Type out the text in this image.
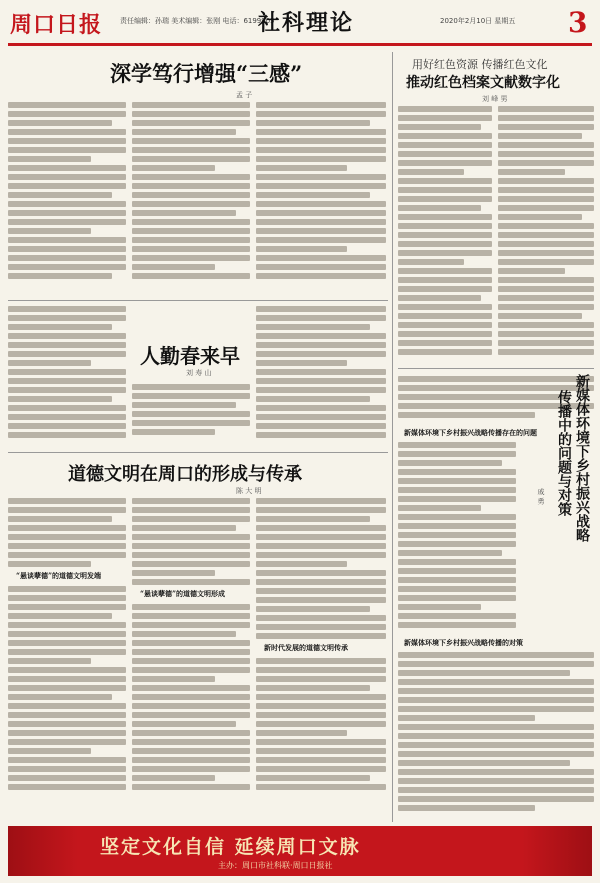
周口日报	责任编辑：孙瑞 美术编辑：张刚 电话：6199905
社科理论	2020年2月10日 星期五 3
深学笃行增强“三感”
孟 子
人勤春来早
刘 寿 山
道德文明在周口的形成与传承
陈 大 明
“悬谈孽德”的道德文明发端
“悬谈孽德”的道德文明形成
新时代发展的道德文明传承
用好红色资源 传播红色文化
推动红色档案文献数字化
刘 峰 男
新媒体环境下乡村振兴战略传播存在的问题	新媒体环境下乡村振兴战略
传播中的问题与对策
戚 勇
新媒体环境下乡村振兴战略传播的对策
坚定文化自信 延续周口文脉
主办：周口市社科联·周口日报社
